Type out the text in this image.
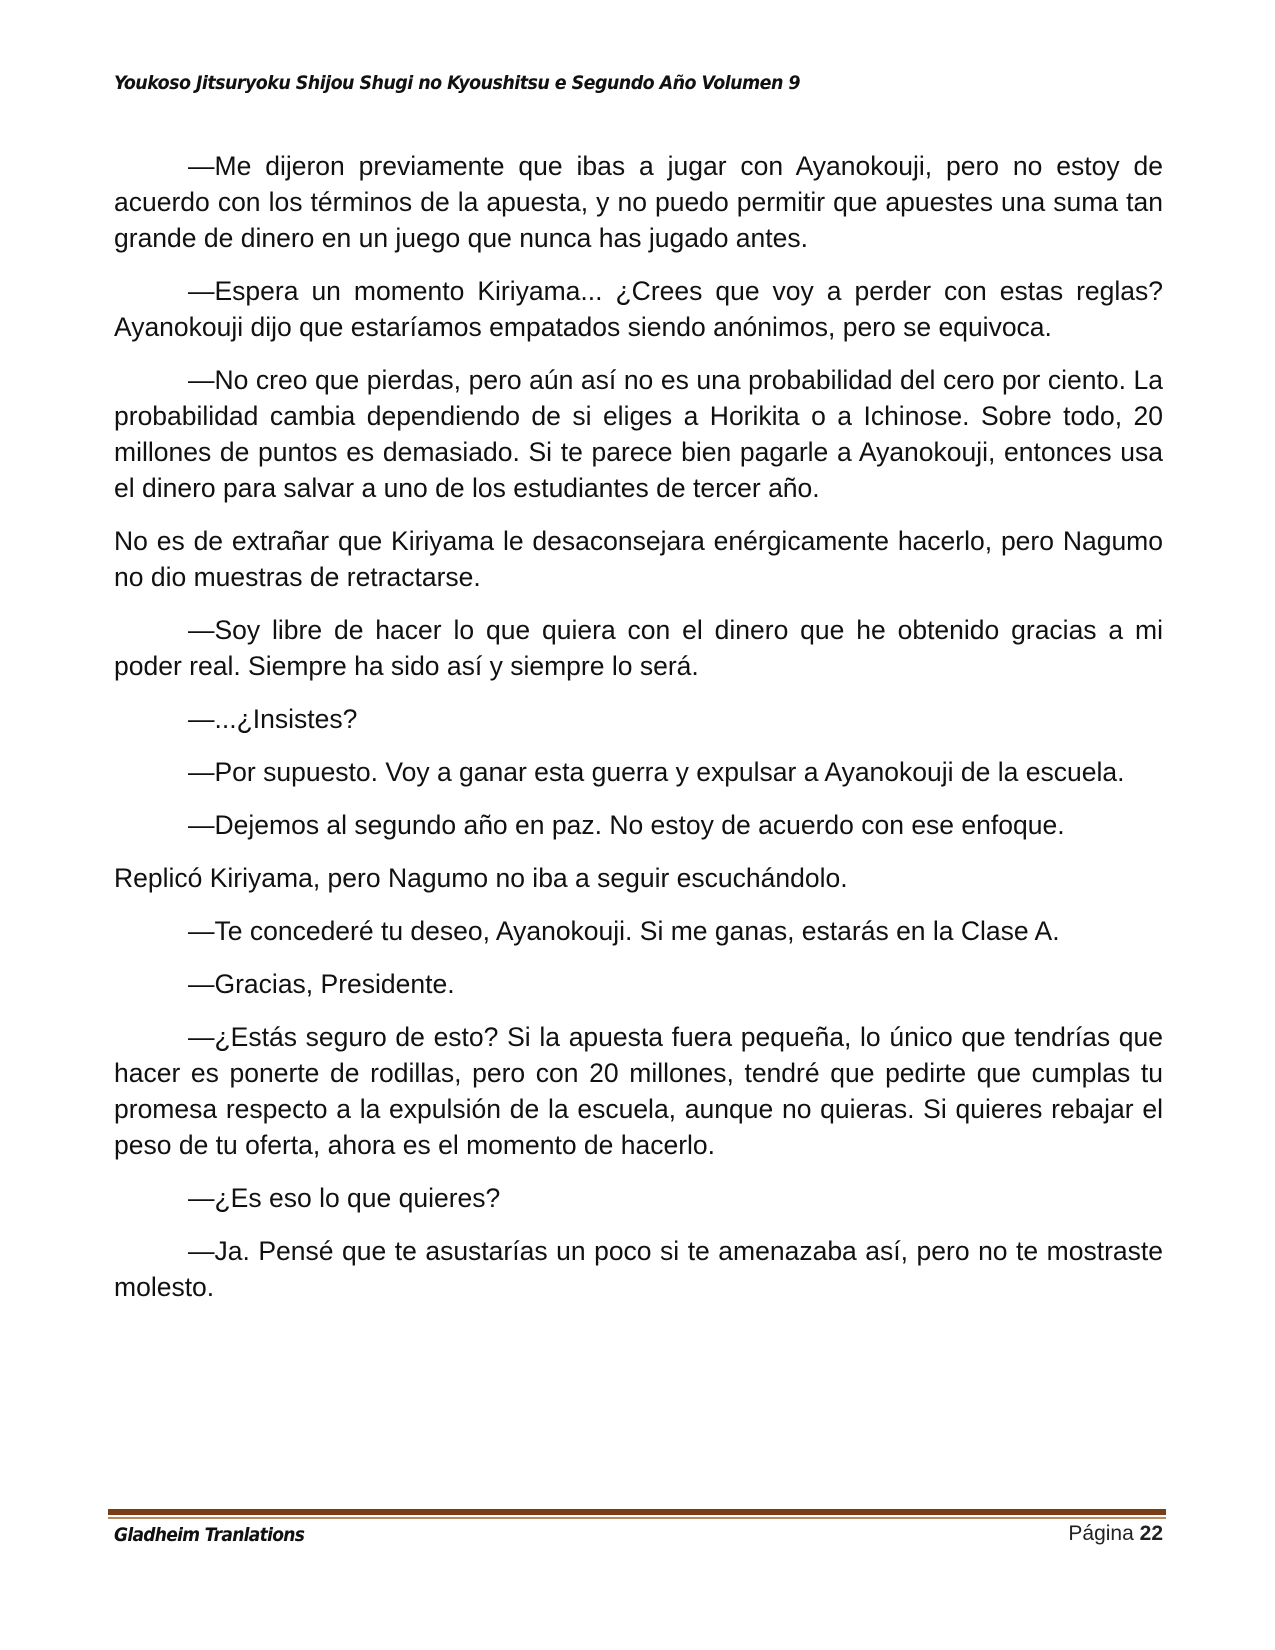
Youkoso Jitsuryoku Shijou Shugi no Kyoushitsu e Segundo Año Volumen 9

—Me dijeron previamente que ibas a jugar con Ayanokouji, pero no estoy de acuerdo con los términos de la apuesta, y no puedo permitir que apuestes una suma tan grande de dinero en un juego que nunca has jugado antes.

—Espera un momento Kiriyama... ¿Crees que voy a perder con estas reglas? Ayanokouji dijo que estaríamos empatados siendo anónimos, pero se equivoca.

—No creo que pierdas, pero aún así no es una probabilidad del cero por ciento. La probabilidad cambia dependiendo de si eliges a Horikita o a Ichinose. Sobre todo, 20 millones de puntos es demasiado. Si te parece bien pagarle a Ayanokouji, entonces usa el dinero para salvar a uno de los estudiantes de tercer año.

No es de extrañar que Kiriyama le desaconsejara enérgicamente hacerlo, pero Nagumo no dio muestras de retractarse.

—Soy libre de hacer lo que quiera con el dinero que he obtenido gracias a mi poder real. Siempre ha sido así y siempre lo será.

—...¿Insistes?

—Por supuesto. Voy a ganar esta guerra y expulsar a Ayanokouji de la escuela.

—Dejemos al segundo año en paz. No estoy de acuerdo con ese enfoque.

Replicó Kiriyama, pero Nagumo no iba a seguir escuchándolo.

—Te concederé tu deseo, Ayanokouji. Si me ganas, estarás en la Clase A.

—Gracias, Presidente.

—¿Estás seguro de esto? Si la apuesta fuera pequeña, lo único que tendrías que hacer es ponerte de rodillas, pero con 20 millones, tendré que pedirte que cumplas tu promesa respecto a la expulsión de la escuela, aunque no quieras. Si quieres rebajar el peso de tu oferta, ahora es el momento de hacerlo.

—¿Es eso lo que quieres?

—Ja. Pensé que te asustarías un poco si te amenazaba así, pero no te mostraste molesto.

Gladheim Tranlations	Página 22
